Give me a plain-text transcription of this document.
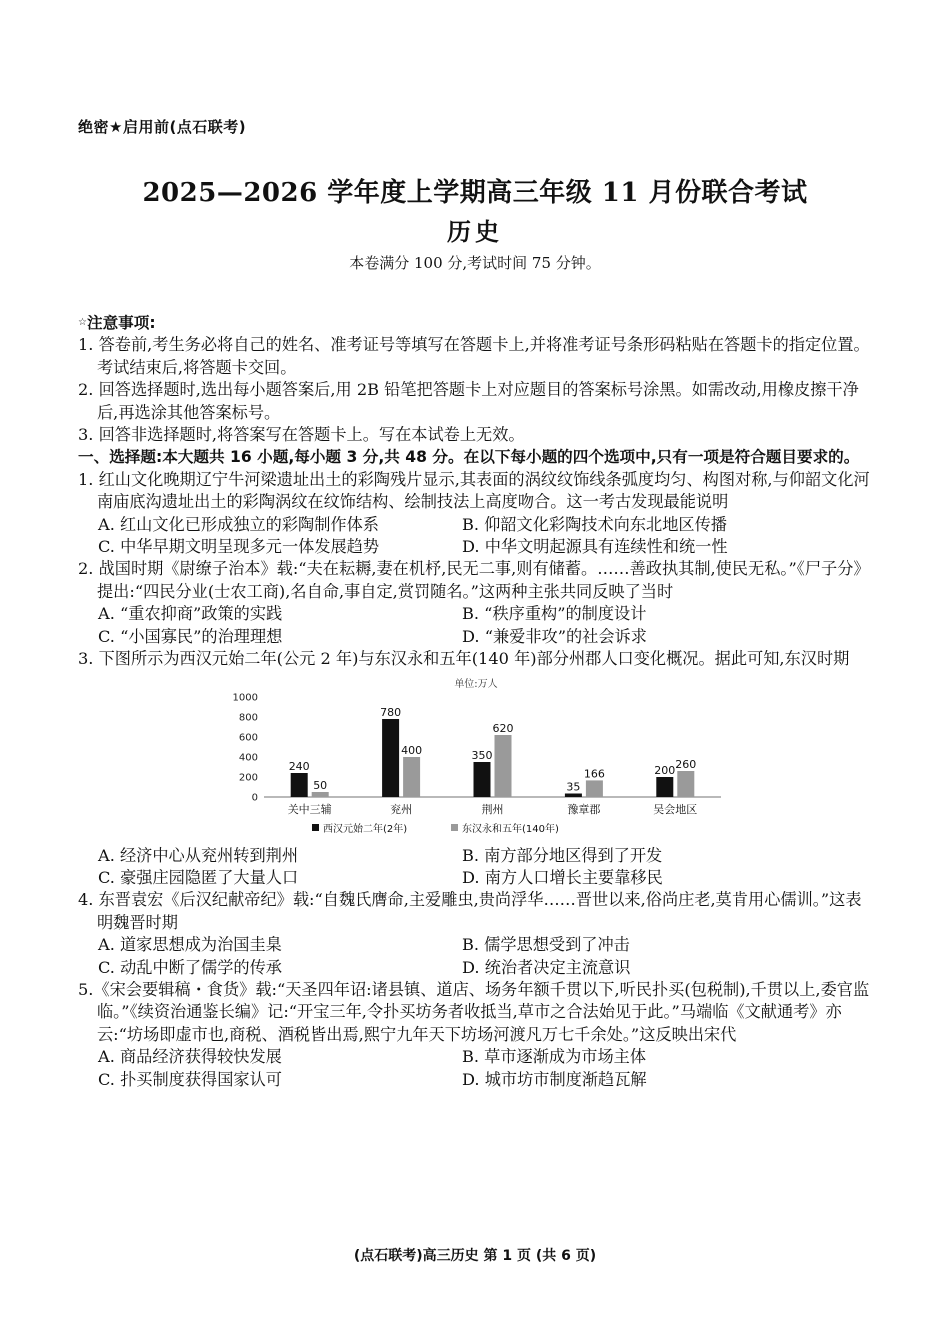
绝密★启用前(点石联考)
2025—2026 学年度上学期高三年级 11 月份联合考试
历史
本卷满分 100 分,考试时间 75 分钟。

☆注意事项:

1. 答卷前,考生务必将自己的姓名、准考证号等填写在答题卡上,并将准考证号条形码粘贴在答题卡的指定位置。考试结束后,将答题卡交回。

2. 回答选择题时,选出每小题答案后,用 2B 铅笔把答题卡上对应题目的答案标号涂黑。如需改动,用橡皮擦干净后,再选涂其他答案标号。

3. 回答非选择题时,将答案写在答题卡上。写在本试卷上无效。

一、选择题:本大题共 16 小题,每小题 3 分,共 48 分。在以下每小题的四个选项中,只有一项是符合题目要求的。

1. 红山文化晚期辽宁牛河梁遗址出土的彩陶残片显示,其表面的涡纹纹饰线条弧度均匀、构图对称,与仰韶文化河南庙底沟遗址出土的彩陶涡纹在纹饰结构、绘制技法上高度吻合。这一考古发现最能说明

A. 红山文化已形成独立的彩陶制作体系	B. 仰韶文化彩陶技术向东北地区传播
C. 中华早期文明呈现多元一体发展趋势	D. 中华文明起源具有连续性和统一性

2. 战国时期《尉缭子治本》载:“夫在耘耨,妻在机杼,民无二事,则有储蓄。……善政执其制,使民无私。”《尸子分》提出:“四民分业(士农工商),名自命,事自定,赏罚随名。”这两种主张共同反映了当时

A. “重农抑商”政策的实践	B. “秩序重构”的制度设计
C. “小国寡民”的治理理想	D. “兼爱非攻”的社会诉求

3. 下图所示为西汉元始二年(公元 2 年)与东汉永和五年(140 年)部分州郡人口变化概况。据此可知,东汉时期

单位:万人
1000
800
600
400
200
0
240
50
780
400	350
620
35
166	200 260
关中三辅	兖州	荆州	豫章郡	吴会地区
西汉元始二年(2年)	东汉永和五年(140年)
A. 经济中心从兖州转到荆州	B. 南方部分地区得到了开发
C. 豪强庄园隐匿了大量人口	D. 南方人口增长主要靠移民

4. 东晋袁宏《后汉纪献帝纪》载:“自魏氏膺命,主爱雕虫,贵尚浮华……晋世以来,俗尚庄老,莫肯用心儒训。”这表明魏晋时期

A. 道家思想成为治国圭臬	B. 儒学思想受到了冲击
C. 动乱中断了儒学的传承	D. 统治者决定主流意识

5.《宋会要辑稿・食货》载:“天圣四年诏:诸县镇、道店、场务年额千贯以下,听民扑买(包税制),千贯以上,委官监临。”《续资治通鉴长编》记:“开宝三年,令扑买坊务者收抵当,草市之合法始见于此。”马端临《文献通考》亦云:“坊场即虚市也,商税、酒税皆出焉,熙宁九年天下坊场河渡凡万七千余处。”这反映出宋代

A. 商品经济获得较快发展	B. 草市逐渐成为市场主体
C. 扑买制度获得国家认可	D. 城市坊市制度渐趋瓦解
(点石联考)高三历史 第 1 页 (共 6 页)
